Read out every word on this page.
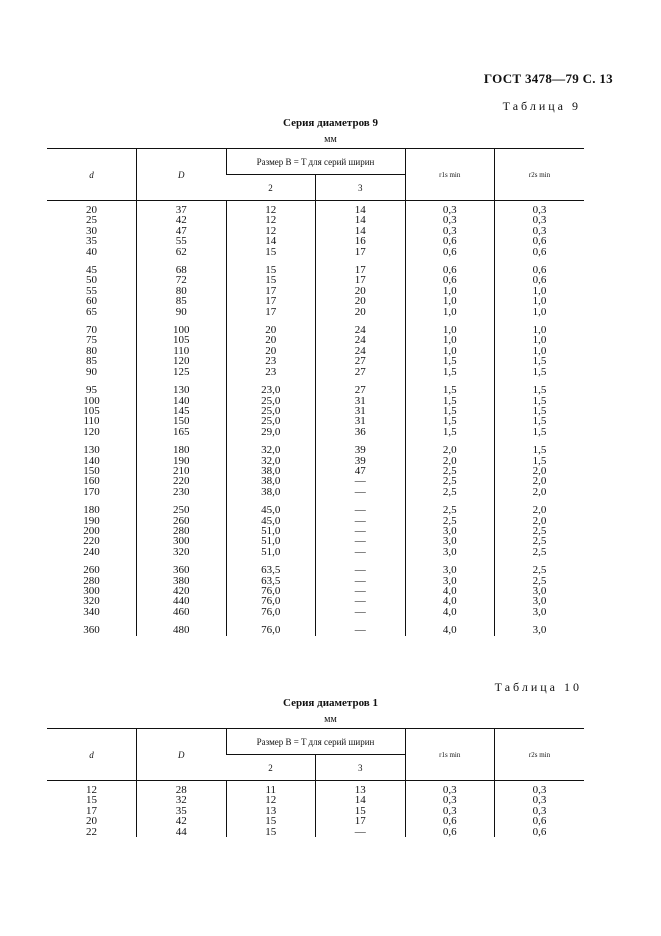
ГОСТ 3478—79 С. 13
Таблица 9
Серия диаметров 9
мм
d	D	Размер B = T для серий ширин		r1s min	r2s min
		2	3		
20	37	12	14	0,3	0,3
25	42	12	14	0,3	0,3
30	47	12	14	0,3	0,3
35	55	14	16	0,6	0,6
40	62	15	17	0,6	0,6
45	68	15	17	0,6	0,6
50	72	15	17	0,6	0,6
55	80	17	20	1,0	1,0
60	85	17	20	1,0	1,0
65	90	17	20	1,0	1,0
70	100	20	24	1,0	1,0
75	105	20	24	1,0	1,0
80	110	20	24	1,0	1,0
85	120	23	27	1,5	1,5
90	125	23	27	1,5	1,5
95	130	23,0	27	1,5	1,5
100	140	25,0	31	1,5	1,5
105	145	25,0	31	1,5	1,5
110	150	25,0	31	1,5	1,5
120	165	29,0	36	1,5	1,5
130	180	32,0	39	2,0	1,5
140	190	32,0	39	2,0	1,5
150	210	38,0	47	2,5	2,0
160	220	38,0	—	2,5	2,0
170	230	38,0	—	2,5	2,0
180	250	45,0	—	2,5	2,0
190	260	45,0	—	2,5	2,0
200	280	51,0	—	3,0	2,5
220	300	51,0	—	3,0	2,5
240	320	51,0	—	3,0	2,5
260	360	63,5	—	3,0	2,5
280	380	63,5	—	3,0	2,5
300	420	76,0	—	4,0	3,0
320	440	76,0	—	4,0	3,0
340	460	76,0	—	4,0	3,0
360	480	76,0	—	4,0	3,0
Таблица 10
Серия диаметров 1
мм
d	D	Размер B = T для серий ширин		r1s min	r2s min
		2	3		
12	28	11	13	0,3	0,3
15	32	12	14	0,3	0,3
17	35	13	15	0,3	0,3
20	42	15	17	0,6	0,6
22	44	15	—	0,6	0,6
